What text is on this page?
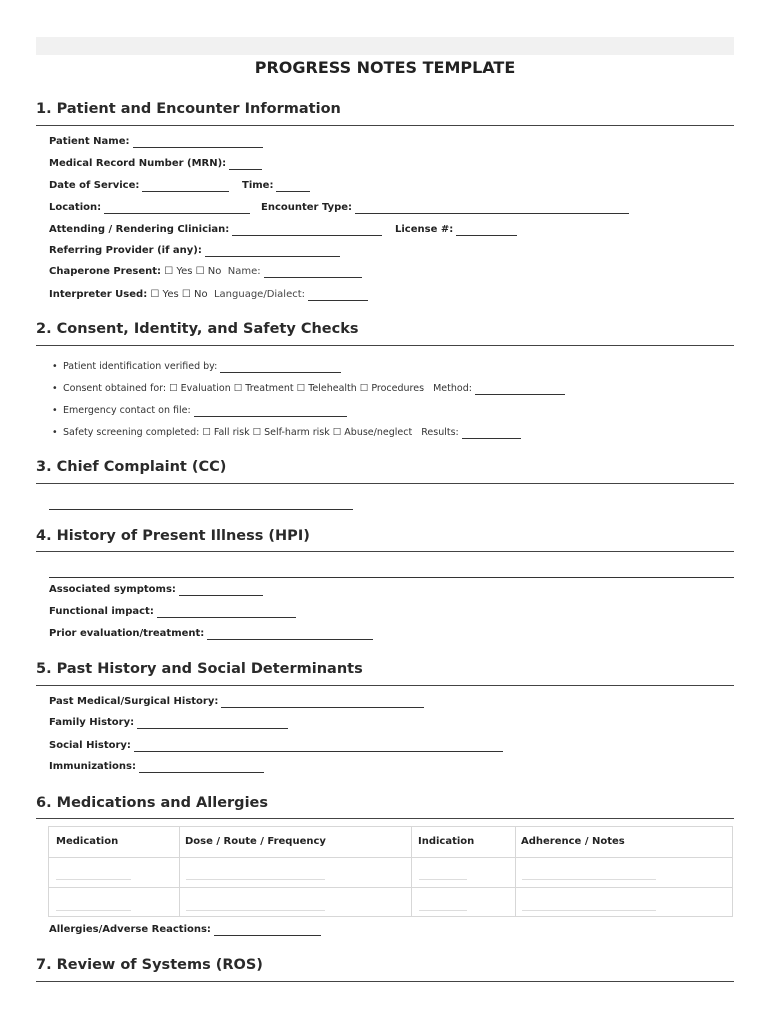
PROGRESS NOTES TEMPLATE
1. Patient and Encounter Information
Patient Name:
Medical Record Number (MRN):
Date of Service:	Time:
Location:	Encounter Type:
Attending / Rendering Clinician:	License #:
Referring Provider (if any):
Chaperone Present: ☐ Yes ☐ No Name:
Interpreter Used: ☐ Yes ☐ No Language/Dialect:
2. Consent, Identity, and Safety Checks
• Patient identification verified by:
• Consent obtained for: ☐ Evaluation ☐ Treatment ☐ Telehealth ☐ Procedures Method:
• Emergency contact on file:
• Safety screening completed: ☐ Fall risk ☐ Self-harm risk ☐ Abuse/neglect Results:
3. Chief Complaint (CC)
4. History of Present Illness (HPI)
Associated symptoms:
Functional impact:
Prior evaluation/treatment:
5. Past History and Social Determinants
Past Medical/Surgical History:
Family History:
Social History:
Immunizations:
6. Medications and Allergies
Medication	Dose / Route / Frequency	Indication	Adherence / Notes
Allergies/Adverse Reactions:
7. Review of Systems (ROS)
